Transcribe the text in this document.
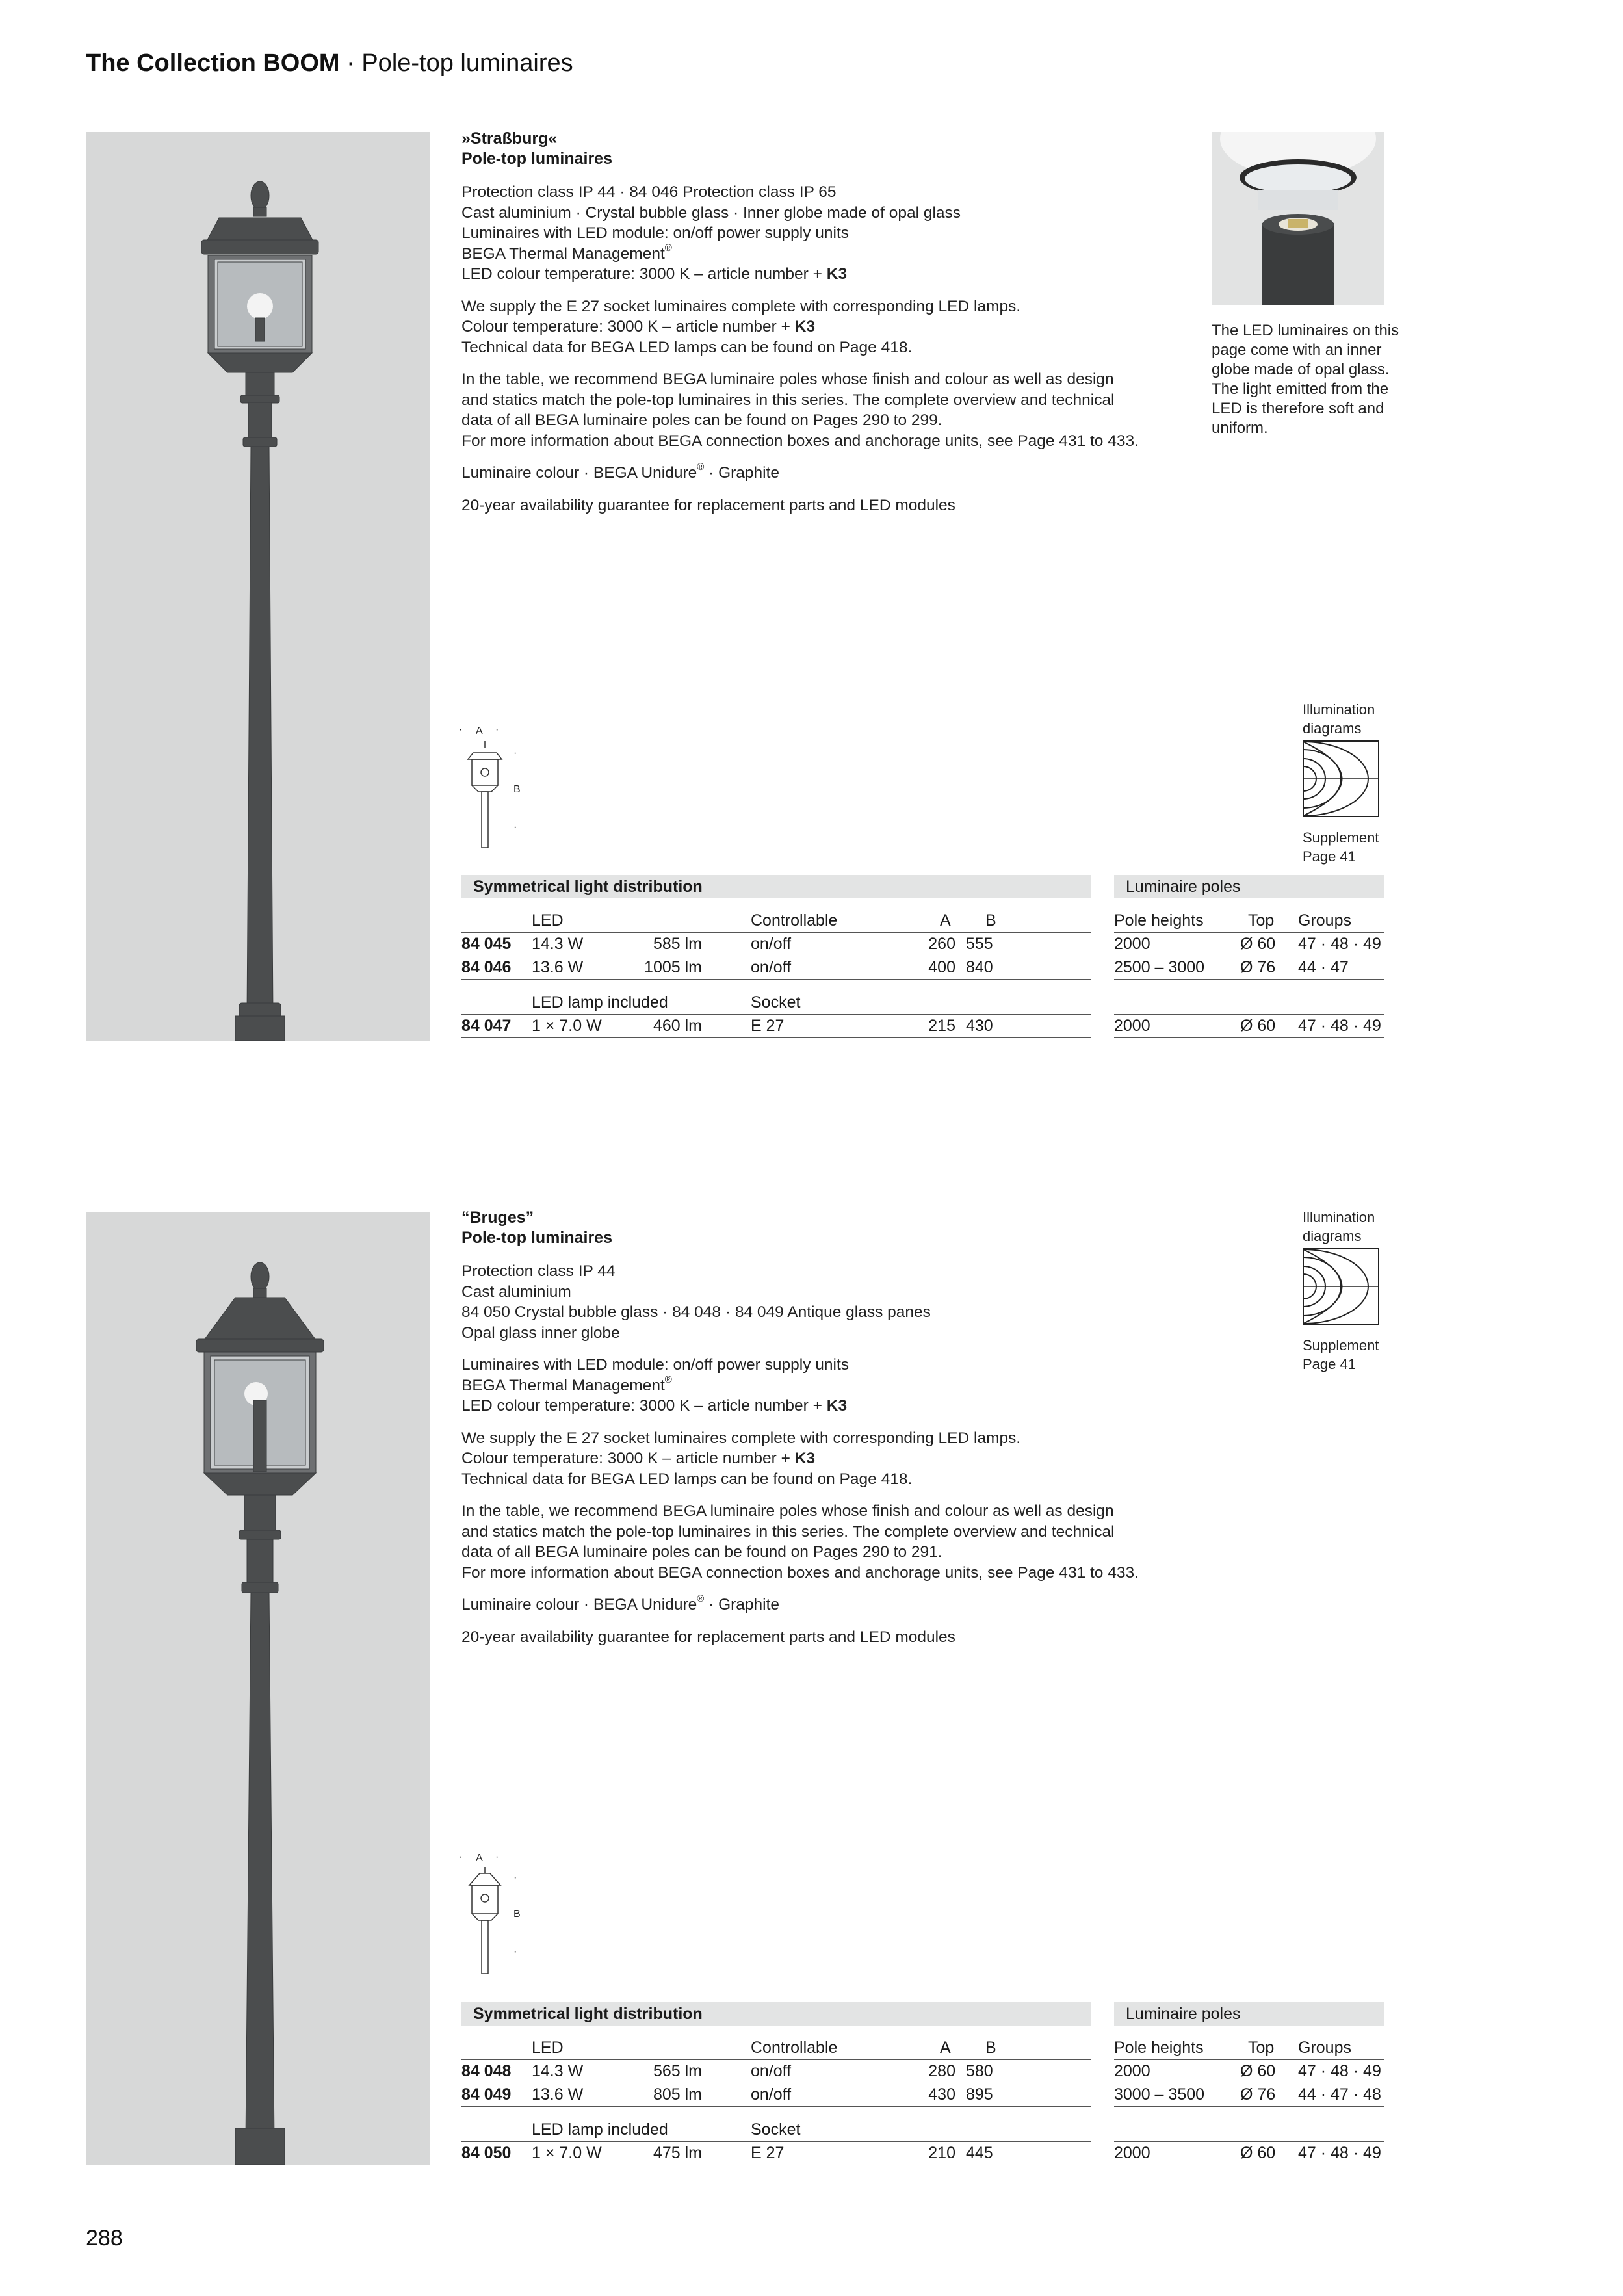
The Collection BOOM · Pole-top luminaires
»Straßburg«
Pole-top luminaires

Protection class IP 44 · 84 046 Protection class IP 65
Cast aluminium · Crystal bubble glass · Inner globe made of opal glass
Luminaires with LED module: on/off power supply units
BEGA Thermal Management®
LED colour temperature: 3000 K – article number + K3

We supply the E 27 socket luminaires complete with corresponding LED lamps.
Colour temperature: 3000 K – article number + K3
Technical data for BEGA LED lamps can be found on Page 418.

In the table, we recommend BEGA luminaire poles whose finish and colour as well as design
and statics match the pole-top luminaires in this series. The complete overview and technical
data of all BEGA luminaire poles can be found on Pages 290 to 299.
For more information about BEGA connection boxes and anchorage units, see Page 431 to 433.

Luminaire colour · BEGA Unidure® · Graphite

20-year availability guarantee for replacement parts and LED modules

The LED luminaires on this
page come with an inner
globe made of opal glass.
The light emitted from the
LED is therefore soft and
uniform.
Illumination
diagrams
Supplement
Page 41
· A ·
·
B
·
Symmetrical light distribution	Luminaire poles
LED	Controllable	A B
84 045 14.3 W	585 lm	on/off	260 555
84 046 13.6 W	1005 lm	on/off	400 840
LED lamp included	Socket
84 047 1 × 7.0 W	460 lm	E 27	215 430
Pole heights	Top Groups
2000	Ø 60 47 · 48 · 49
2500 – 3000 Ø 76 44 · 47
2000	Ø 60 47 · 48 · 49
“Bruges”
Pole-top luminaires

Protection class IP 44
Cast aluminium
84 050 Crystal bubble glass · 84 048 · 84 049 Antique glass panes
Opal glass inner globe

Luminaires with LED module: on/off power supply units
BEGA Thermal Management®
LED colour temperature: 3000 K – article number + K3

We supply the E 27 socket luminaires complete with corresponding LED lamps.
Colour temperature: 3000 K – article number + K3
Technical data for BEGA LED lamps can be found on Page 418.

In the table, we recommend BEGA luminaire poles whose finish and colour as well as design
and statics match the pole-top luminaires in this series. The complete overview and technical
data of all BEGA luminaire poles can be found on Pages 290 to 291.
For more information about BEGA connection boxes and anchorage units, see Page 431 to 433.

Luminaire colour · BEGA Unidure® · Graphite

20-year availability guarantee for replacement parts and LED modules

Illumination
diagrams
Supplement
Page 41
· A ·
·
B
·
Symmetrical light distribution	Luminaire poles
LED	Controllable	A B
84 048 14.3 W	565 lm	on/off	280 580
84 049 13.6 W	805 lm	on/off	430 895
LED lamp included	Socket
84 050 1 × 7.0 W	475 lm	E 27	210 445
Pole heights	Top Groups
2000	Ø 60 47 · 48 · 49
3000 – 3500 Ø 76 44 · 47 · 48
2000	Ø 60 47 · 48 · 49
288
